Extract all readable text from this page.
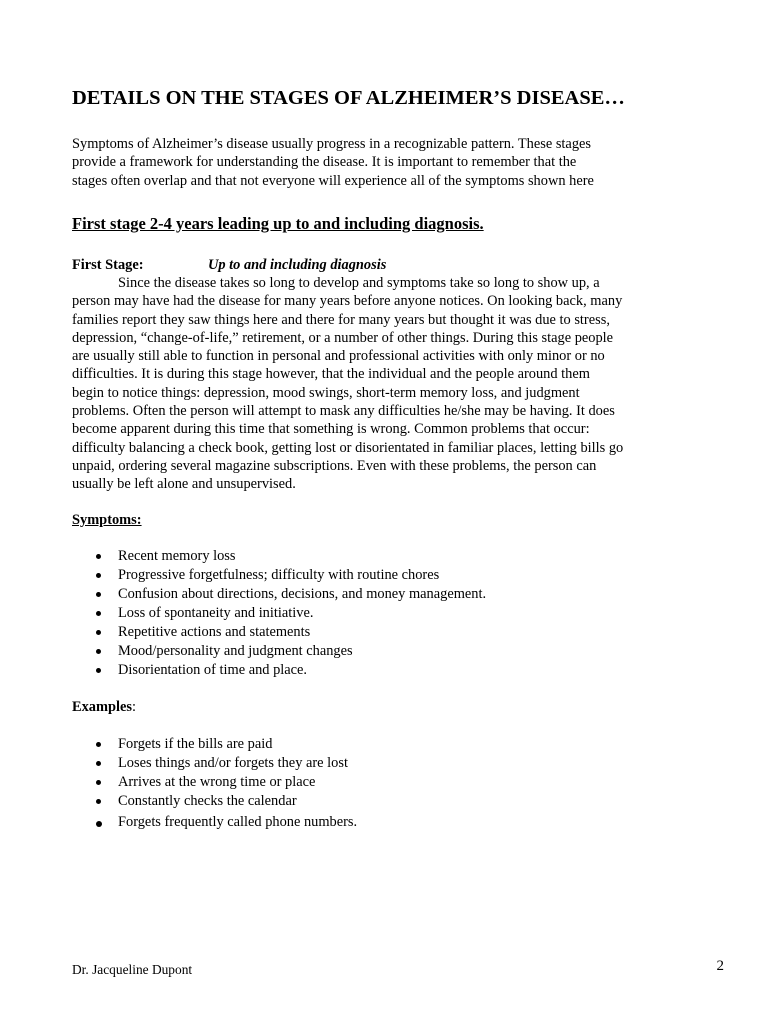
DETAILS ON THE STAGES OF ALZHEIMER’S DISEASE…

Symptoms of Alzheimer’s disease usually progress in a recognizable pattern. These stages
provide a framework for understanding the disease. It is important to remember that the
stages often overlap and that not everyone will experience all of the symptoms shown here

First stage 2-4 years leading up to and including diagnosis.
First Stage:	Up to and including diagnosis

Since the disease takes so long to develop and symptoms take so long to show up, a
person may have had the disease for many years before anyone notices. On looking back, many
families report they saw things here and there for many years but thought it was due to stress,
depression, “change-of-life,” retirement, or a number of other things. During this stage people
are usually still able to function in personal and professional activities with only minor or no
difficulties. It is during this stage however, that the individual and the people around them
begin to notice things: depression, mood swings, short-term memory loss, and judgment
problems. Often the person will attempt to mask any difficulties he/she may be having. It does
become apparent during this time that something is wrong. Common problems that occur:
difficulty balancing a check book, getting lost or disorientated in familiar places, letting bills go
unpaid, ordering several magazine subscriptions. Even with these problems, the person can
usually be left alone and unsupervised.

Symptoms:
Recent memory loss
Progressive forgetfulness; difficulty with routine chores
Confusion about directions, decisions, and money management.
Loss of spontaneity and initiative.
Repetitive actions and statements
Mood/personality and judgment changes
Disorientation of time and place.
Examples:
Forgets if the bills are paid
Loses things and/or forgets they are lost
Arrives at the wrong time or place
Constantly checks the calendar
Forgets frequently called phone numbers.
Dr. Jacqueline Dupont	2
